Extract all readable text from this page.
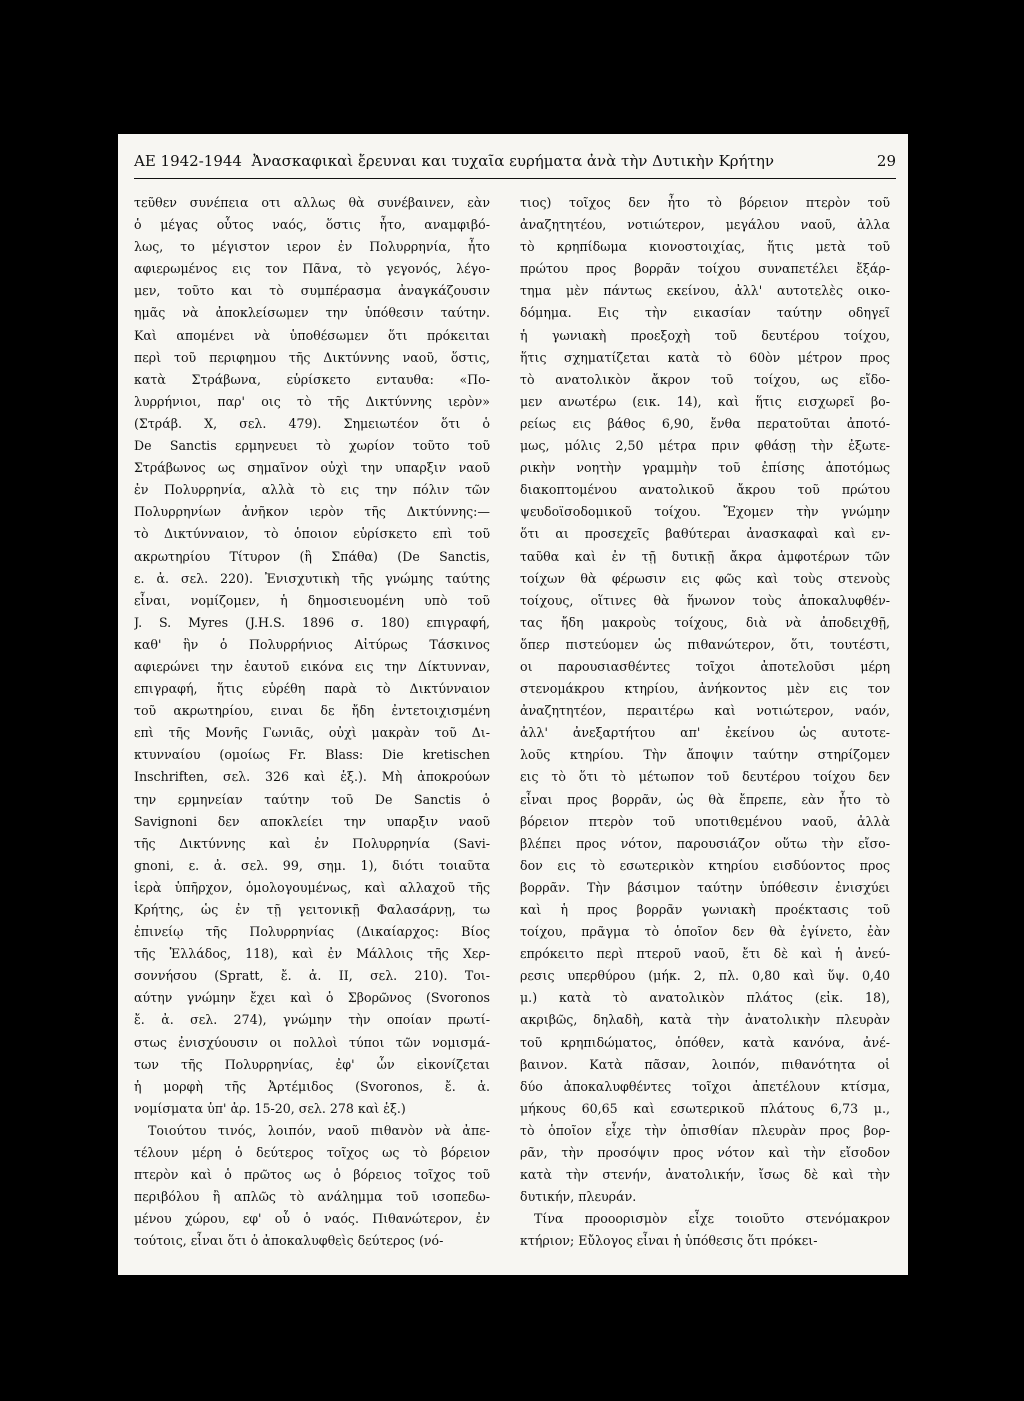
ΑΕ 1942-1944 Ἀνασκαφικαὶ ἔρευναι και τυχαῖα ευρήματα ἀνὰ τὴν Δυτικὴν Κρήτην	29
τεῦθεν συνέπεια οτι αλλως θὰ συνέβαινεν, εὰν
ὁ μέγας οὗτος ναός, ὅστις ἦτο, αναμφιβό-
λως, το μέγιστον ιερον ἐν Πολυρρηνία, ἦτο
αφιερωμένος εις τον Πᾶνα, τὸ γεγονός, λέγο-
μεν, τοῦτο και τὸ συμπέρασμα ἀναγκάζουσιν
ημᾶς νὰ ἀποκλείσωμεν την ὑπόθεσιν ταύτην.
Καὶ απομένει νὰ ὑποθέσωμεν ὅτι πρόκειται
περὶ τοῦ περιφημου τῆς Δικτύννης ναοῦ, ὅστις,
κατὰ Στράβωνα, εὑρίσκετο ενταυθα: «Πο-
λυρρήνιοι, παρ' οις τὸ τῆς Δικτύννης ιερὸν»
(Στράβ. Χ, σελ. 479). Σημειωτέον ὅτι ὁ
De Sanctis ερμηνευει τὸ χωρίον τοῦτο τοῦ
Στράβωνος ως σημαῖνον οὐχὶ την υπαρξιν ναοῦ
ἐν Πολυρρηνία, αλλὰ τὸ εις την πόλιν τῶν
Πολυρρηνίων ἀνῆκον ιερὸν τῆς Δικτύννης:—
τὸ Δικτύνναιον, τὸ ὁποιον εὑρίσκετο επὶ τοῦ
ακρωτηρίου Τίτυρον (ἢ Σπάθα) (De Sanctis,
ε. ἀ. σελ. 220). Ἐνισχυτικὴ τῆς γνώμης ταύτης
εἶναι, νομίζομεν, ἡ δημοσιευομένη υπὸ τοῦ
J. S. Myres (J.H.S. 1896 σ. 180) επιγραφή,
καθ' ἣν ὁ Πολυρρήνιος Αἰτύρως Τάσκινος
αφιερώνει την ἑαυτοῦ εικόνα εις την Δίκτυνναν,
επιγραφή, ἥτις εὑρέθη παρὰ τὸ Δικτύνναιον
τοῦ ακρωτηρίου, ειναι δε ἤδη ἐντετοιχισμένη
επὶ τῆς Μονῆς Γωνιᾶς, οὐχὶ μακρὰν τοῦ Δι-
κτυνναίου (ομοίως Fr. Blass: Die kretischen
Inschriften, σελ. 326 καὶ ἑξ.). Μὴ ἀποκρούων
την ερμηνείαν ταύτην τοῦ De Sanctis ὁ
Savignoni δεν αποκλείει την υπαρξιν ναοῦ
τῆς Δικτύννης καὶ ἐν Πολυρρηνία (Savi-
gnoni, ε. ἀ. σελ. 99, σημ. 1), διότι τοιαῦτα
ἱερὰ ὑπῆρχον, ὁμολογουμένως, καὶ αλλαχοῦ τῆς
Κρήτης, ὡς ἐν τῇ γειτονικῇ Φαλασάρνῃ, τω
ἐπινείῳ τῆς Πολυρρηνίας (Δικαίαρχος: Βίος
τῆς Ἑλλάδος, 118), καὶ ἐν Μάλλοις τῆς Χερ-
σοννήσου (Spratt, ἔ. ἀ. II, σελ. 210). Τοι-
αύτην γνώμην ἔχει καὶ ὁ Σβορῶνος (Svoronos
ἔ. ἀ. σελ. 274), γνώμην τὴν οποίαν πρωτί-
στως ἐνισχύουσιν οι πολλοὶ τύποι τῶν νομισμά-
των τῆς Πολυρρηνίας, ἐφ' ὧν εἰκονίζεται
ἡ μορφὴ τῆς Ἀρτέμιδος (Svoronos, ἔ. ἀ.
νομίσματα ὑπ' ἀρ. 15-20, σελ. 278 καὶ ἑξ.)
Τοιούτου τινός, λοιπόν, ναοῦ πιθανὸν νὰ ἀπε-
τέλουν μέρη ὁ δεύτερος τοῖχος ως τὸ βόρειον
πτερὸν καὶ ὁ πρῶτος ως ὁ βόρειος τοῖχος τοῦ
περιβόλου ἢ απλῶς τὸ ανάλημμα τοῦ ισοπεδω-
μένου χώρου, εφ' οὗ ὁ ναός. Πιθανώτερον, ἐν
τούτοις, εἶναι ὅτι ὁ ἀποκαλυφθεὶς δεύτερος (νό-
τιος) τοῖχος δεν ἦτο τὸ βόρειον πτερὸν τοῦ
ἀναζητητέου, νοτιώτερον, μεγάλου ναοῦ, ἀλλα
τὸ κρηπίδωμα κιονοστοιχίας, ἥτις μετὰ τοῦ
πρώτου προς βορρᾶν τοίχου συναπετέλει ἔξάρ-
τημα μὲν πάντως εκείνου, ἀλλ' αυτοτελὲς οικο-
δόμημα. Εις τὴν εικασίαν ταύτην οδηγεῖ
ἡ γωνιακὴ προεξοχὴ τοῦ δευτέρου τοίχου,
ἥτις σχηματίζεται κατὰ τὸ 60ὸν μέτρον προς
τὸ ανατολικὸν ἄκρον τοῦ τοίχου, ως εἴδο-
μεν ανωτέρω (εικ. 14), καὶ ἥτις εισχωρεῖ βο-
ρείως εις βάθος 6,90, ἔνθα περατοῦται ἀποτό-
μως, μόλις 2,50 μέτρα πριν φθάσῃ τὴν ἐξωτε-
ρικὴν νοητὴν γραμμὴν τοῦ ἐπίσης ἀποτόμως
διακοπτομένου ανατολικοῦ ἄκρου τοῦ πρώτου
ψευδοϊσοδομικοῦ τοίχου. Ἔχομεν τὴν γνώμην
ὅτι αι προσεχεῖς βαθύτεραι ἀνασκαφαὶ καὶ εν-
ταῦθα καὶ ἐν τῇ δυτικῇ ἄκρα ἀμφοτέρων τῶν
τοίχων θὰ φέρωσιν εις φῶς καὶ τοὺς στενοὺς
τοίχους, οἵτινες θὰ ἥνωνον τοὺς ἀποκαλυφθέν-
τας ἤδη μακροὺς τοίχους, διὰ νὰ ἀποδειχθῇ,
ὅπερ πιστεύομεν ὡς πιθανώτερον, ὅτι, τουτέστι,
οι παρουσιασθέντες τοῖχοι ἀποτελοῦσι μέρη
στενομάκρου κτηρίου, ἀνήκοντος μὲν εις τον
ἀναζητητέον, περαιτέρω καὶ νοτιώτερον, ναόν,
ἀλλ' ἀνεξαρτήτου απ' ἐκείνου ὡς αυτοτε-
λοῦς κτηρίου. Τὴν ἄποψιν ταύτην στηρίζομεν
εις τὸ ὅτι τὸ μέτωπον τοῦ δευτέρου τοίχου δεν
εἶναι προς βορρᾶν, ὡς θὰ ἔπρεπε, εὰν ἦτο τὸ
βόρειον πτερὸν τοῦ υποτιθεμένου ναοῦ, ἀλλὰ
βλέπει προς νότον, παρουσιάζον οὕτω τὴν εἴσο-
δον εις τὸ εσωτερικὸν κτηρίου εισδύοντος προς
βορρᾶν. Τὴν βάσιμον ταύτην ὑπόθεσιν ἐνισχύει
καὶ ἡ προς βορρᾶν γωνιακὴ προέκτασις τοῦ
τοίχου, πρᾶγμα τὸ ὁποῖον δεν θὰ ἐγίνετο, ἐὰν
επρόκειτο περὶ πτεροῦ ναοῦ, ἔτι δὲ καὶ ἡ ἀνεύ-
ρεσις υπερθύρου (μήκ. 2, πλ. 0,80 καὶ ὕψ. 0,40
μ.) κατὰ τὸ ανατολικὸν πλάτος (εἰκ. 18),
ακριβῶς, δηλαδὴ, κατὰ τὴν ἀνατολικὴν πλευρὰν
τοῦ κρηπιδώματος, ὁπόθεν, κατὰ κανόνα, ἀνέ-
βαινον. Κατὰ πᾶσαν, λοιπόν, πιθανότητα οἱ
δύο ἀποκαλυφθέντες τοῖχοι ἀπετέλουν κτίσμα,
μήκους 60,65 καὶ εσωτερικοῦ πλάτους 6,73 μ.,
τὸ ὁποῖον εἶχε τὴν ὀπισθίαν πλευρὰν προς βορ-
ρᾶν, τὴν προσόψιν προς νότον καὶ τὴν εἴσοδον
κατὰ τὴν στενήν, ἀνατολικήν, ἴσως δὲ καὶ τὴν
δυτικήν, πλευράν.
Τίνα προοορισμὸν εἶχε τοιοῦτο στενόμακρον
κτήριον; Εὔλογος εἶναι ἡ ὑπόθεσις ὅτι πρόκει-
